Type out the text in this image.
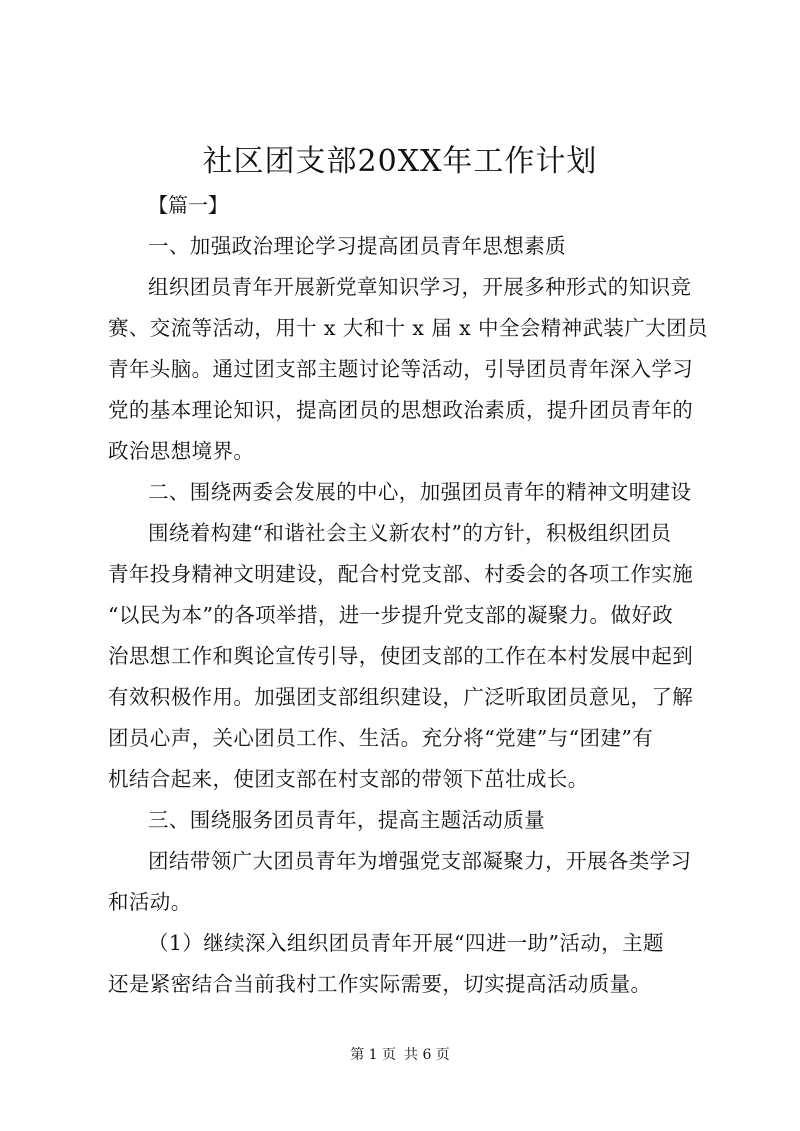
社区团支部20XX年工作计划
【篇一】
一、加强政治理论学习提高团员青年思想素质
组织团员青年开展新党章知识学习，开展多种形式的知识竞
赛、交流等活动，用十 x 大和十 x 届 x 中全会精神武装广大团员
青年头脑。通过团支部主题讨论等活动，引导团员青年深入学习
党的基本理论知识，提高团员的思想政治素质，提升团员青年的
政治思想境界。
二、围绕两委会发展的中心，加强团员青年的精神文明建设
围绕着构建“和谐社会主义新农村”的方针，积极组织团员
青年投身精神文明建设，配合村党支部、村委会的各项工作实施
“以民为本”的各项举措，进一步提升党支部的凝聚力。做好政
治思想工作和舆论宣传引导，使团支部的工作在本村发展中起到
有效积极作用。加强团支部组织建设，广泛听取团员意见，了解
团员心声，关心团员工作、生活。充分将“党建”与“团建”有
机结合起来，使团支部在村支部的带领下茁壮成长。
三、围绕服务团员青年，提高主题活动质量
团结带领广大团员青年为增强党支部凝聚力，开展各类学习
和活动。
（1）继续深入组织团员青年开展“四进一助”活动，主题
还是紧密结合当前我村工作实际需要，切实提高活动质量。
第 1 页 共 6 页
